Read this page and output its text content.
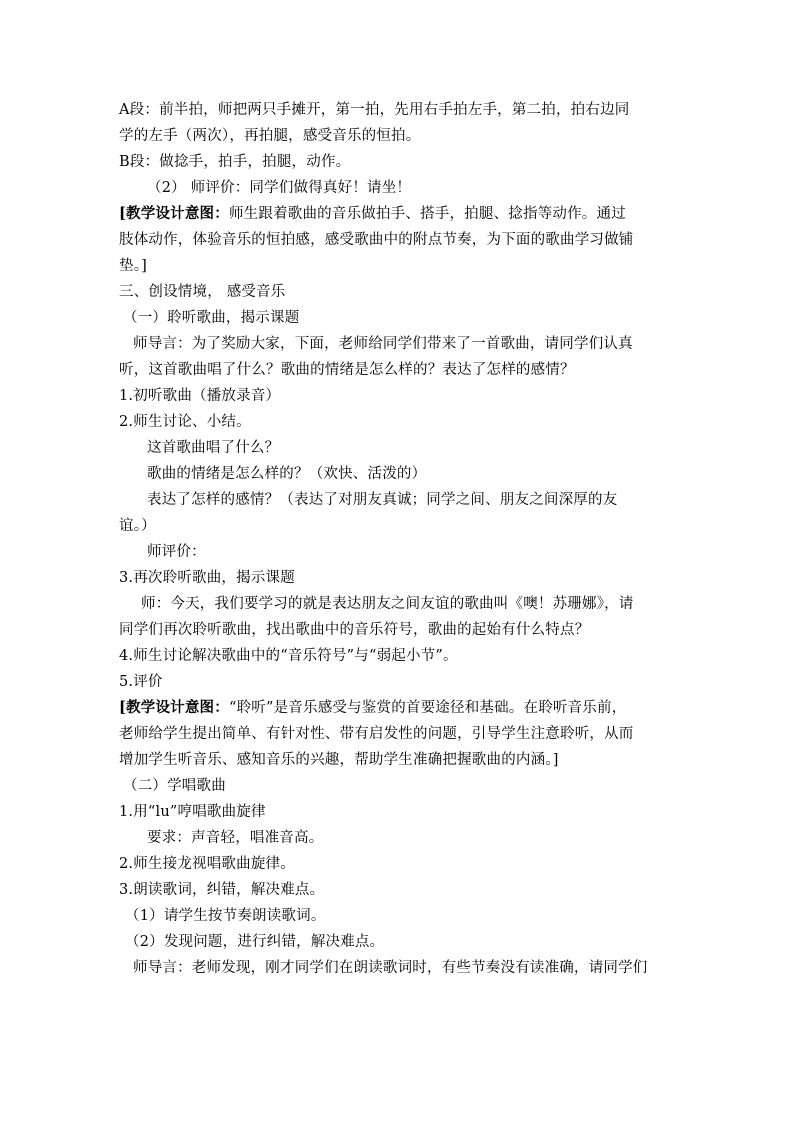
A段：前半拍，师把两只手摊开，第一拍，先用右手拍左手，第二拍，拍右边同
学的左手（两次），再拍腿，感受音乐的恒拍。
B段：做捻手，拍手，拍腿，动作。
（2） 师评价：同学们做得真好！请坐！
[教学设计意图：师生跟着歌曲的音乐做拍手、搭手，拍腿、捻指等动作。通过
肢体动作，体验音乐的恒拍感，感受歌曲中的附点节奏，为下面的歌曲学习做铺
垫。]
三、创设情境， 感受音乐
（一）聆听歌曲，揭示课题
师导言：为了奖励大家，下面，老师给同学们带来了一首歌曲，请同学们认真
听，这首歌曲唱了什么？歌曲的情绪是怎么样的？表达了怎样的感情？
1.初听歌曲（播放录音）
2.师生讨论、小结。
这首歌曲唱了什么？
歌曲的情绪是怎么样的？（欢快、活泼的）
表达了怎样的感情？（表达了对朋友真诚；同学之间、朋友之间深厚的友
谊。）
师评价：
3.再次聆听歌曲，揭示课题
师：今天，我们要学习的就是表达朋友之间友谊的歌曲叫《噢！苏珊娜》，请
同学们再次聆听歌曲，找出歌曲中的音乐符号，歌曲的起始有什么特点？
4.师生讨论解决歌曲中的“音乐符号”与“弱起小节”。
5.评价
[教学设计意图：“聆听”是音乐感受与鉴赏的首要途径和基础。在聆听音乐前，
老师给学生提出简单、有针对性、带有启发性的问题，引导学生注意聆听，从而
增加学生听音乐、感知音乐的兴趣，帮助学生准确把握歌曲的内涵。]
（二）学唱歌曲
1.用“lu”哼唱歌曲旋律
要求：声音轻，唱准音高。
2.师生接龙视唱歌曲旋律。
3.朗读歌词，纠错，解决难点。
（1）请学生按节奏朗读歌词。
（2）发现问题，进行纠错，解决难点。
师导言：老师发现，刚才同学们在朗读歌词时，有些节奏没有读准确，请同学们
